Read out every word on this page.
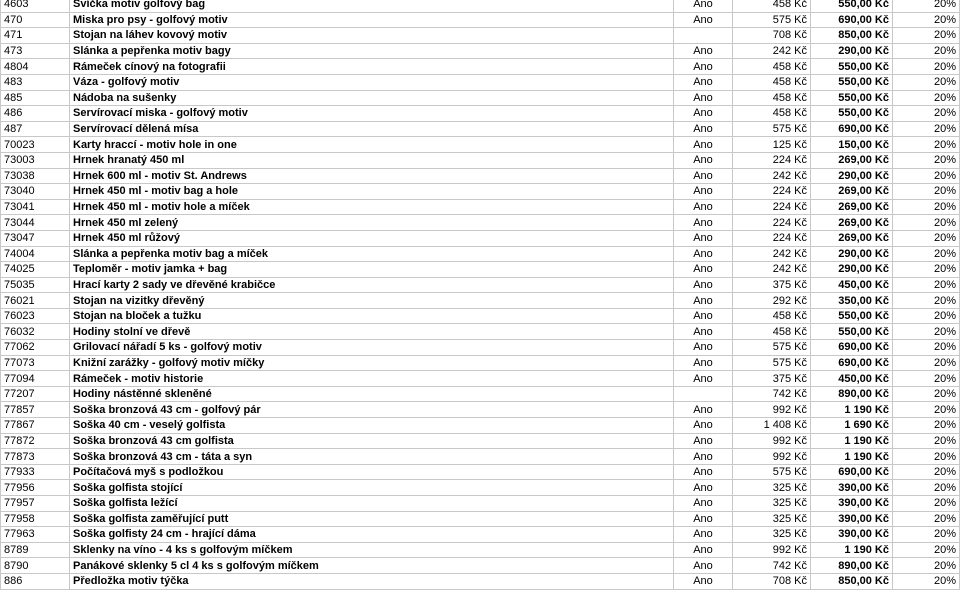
4603	Svíčka motiv golfový bag	Ano	458 Kč	550,00 Kč	20%
470	Miska pro psy - golfový motiv	Ano	575 Kč	690,00 Kč	20%
471	Stojan na láhev kovový motiv		708 Kč	850,00 Kč	20%
473	Slánka a pepřenka motiv bagy	Ano	242 Kč	290,00 Kč	20%
4804	Rámeček cínový na fotografii	Ano	458 Kč	550,00 Kč	20%
483	Váza - golfový motiv	Ano	458 Kč	550,00 Kč	20%
485	Nádoba na sušenky	Ano	458 Kč	550,00 Kč	20%
486	Servírovací miska - golfový motiv	Ano	458 Kč	550,00 Kč	20%
487	Servírovací dělená mísa	Ano	575 Kč	690,00 Kč	20%
70023	Karty hraccí - motiv hole in one	Ano	125 Kč	150,00 Kč	20%
73003	Hrnek hranatý 450 ml	Ano	224 Kč	269,00 Kč	20%
73038	Hrnek 600 ml - motiv St. Andrews	Ano	242 Kč	290,00 Kč	20%
73040	Hrnek 450 ml - motiv bag a hole	Ano	224 Kč	269,00 Kč	20%
73041	Hrnek 450 ml - motiv hole a míček	Ano	224 Kč	269,00 Kč	20%
73044	Hrnek 450 ml zelený	Ano	224 Kč	269,00 Kč	20%
73047	Hrnek 450 ml růžový	Ano	224 Kč	269,00 Kč	20%
74004	Slánka a pepřenka motiv bag a míček	Ano	242 Kč	290,00 Kč	20%
74025	Teploměr - motiv jamka + bag	Ano	242 Kč	290,00 Kč	20%
75035	Hrací karty 2 sady ve dřevěné krabičce	Ano	375 Kč	450,00 Kč	20%
76021	Stojan na vizitky dřevěný	Ano	292 Kč	350,00 Kč	20%
76023	Stojan na bloček a tužku	Ano	458 Kč	550,00 Kč	20%
76032	Hodiny stolní ve dřevě	Ano	458 Kč	550,00 Kč	20%
77062	Grilovací nářadí 5 ks - golfový motiv	Ano	575 Kč	690,00 Kč	20%
77073	Knižní zarážky - golfový motiv míčky	Ano	575 Kč	690,00 Kč	20%
77094	Rámeček - motiv historie	Ano	375 Kč	450,00 Kč	20%
77207	Hodiny nástěnné skleněné		742 Kč	890,00 Kč	20%
77857	Soška bronzová 43 cm - golfový pár	Ano	992 Kč	1 190 Kč	20%
77867	Soška 40 cm - veselý golfista	Ano	1 408 Kč	1 690 Kč	20%
77872	Soška bronzová 43 cm golfista	Ano	992 Kč	1 190 Kč	20%
77873	Soška bronzová 43 cm - táta a syn	Ano	992 Kč	1 190 Kč	20%
77933	Počítačová myš s podložkou	Ano	575 Kč	690,00 Kč	20%
77956	Soška golfista stojící	Ano	325 Kč	390,00 Kč	20%
77957	Soška golfista ležící	Ano	325 Kč	390,00 Kč	20%
77958	Soška golfista zaměřující putt	Ano	325 Kč	390,00 Kč	20%
77963	Soška golfisty 24 cm - hrající dáma	Ano	325 Kč	390,00 Kč	20%
8789	Sklenky na víno - 4 ks s golfovým míčkem	Ano	992 Kč	1 190 Kč	20%
8790	Panákové sklenky 5 cl 4 ks s golfovým míčkem	Ano	742 Kč	890,00 Kč	20%
886	Předložka motiv týčka	Ano	708 Kč	850,00 Kč	20%
